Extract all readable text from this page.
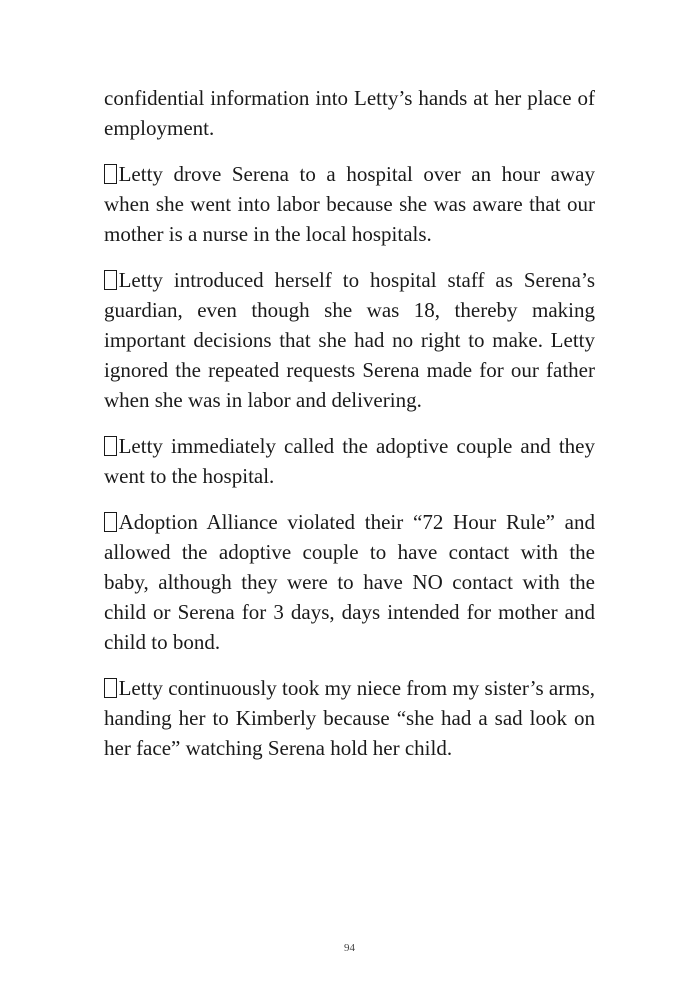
confidential information into Letty’s hands at her place of employment.

Letty drove Serena to a hospital over an hour away when she went into labor because she was aware that our mother is a nurse in the local hospitals.

Letty introduced herself to hospital staff as Serena’s guardian, even though she was 18, thereby making important decisions that she had no right to make. Letty ignored the repeated requests Serena made for our father when she was in labor and delivering.

Letty immediately called the adoptive couple and they went to the hospital.

Adoption Alliance violated their “72 Hour Rule” and allowed the adoptive couple to have contact with the baby, although they were to have NO contact with the child or Serena for 3 days, days intended for mother and child to bond.

Letty continuously took my niece from my sister’s arms, handing her to Kimberly because “she had a sad look on her face” watching Serena hold her child.

94
